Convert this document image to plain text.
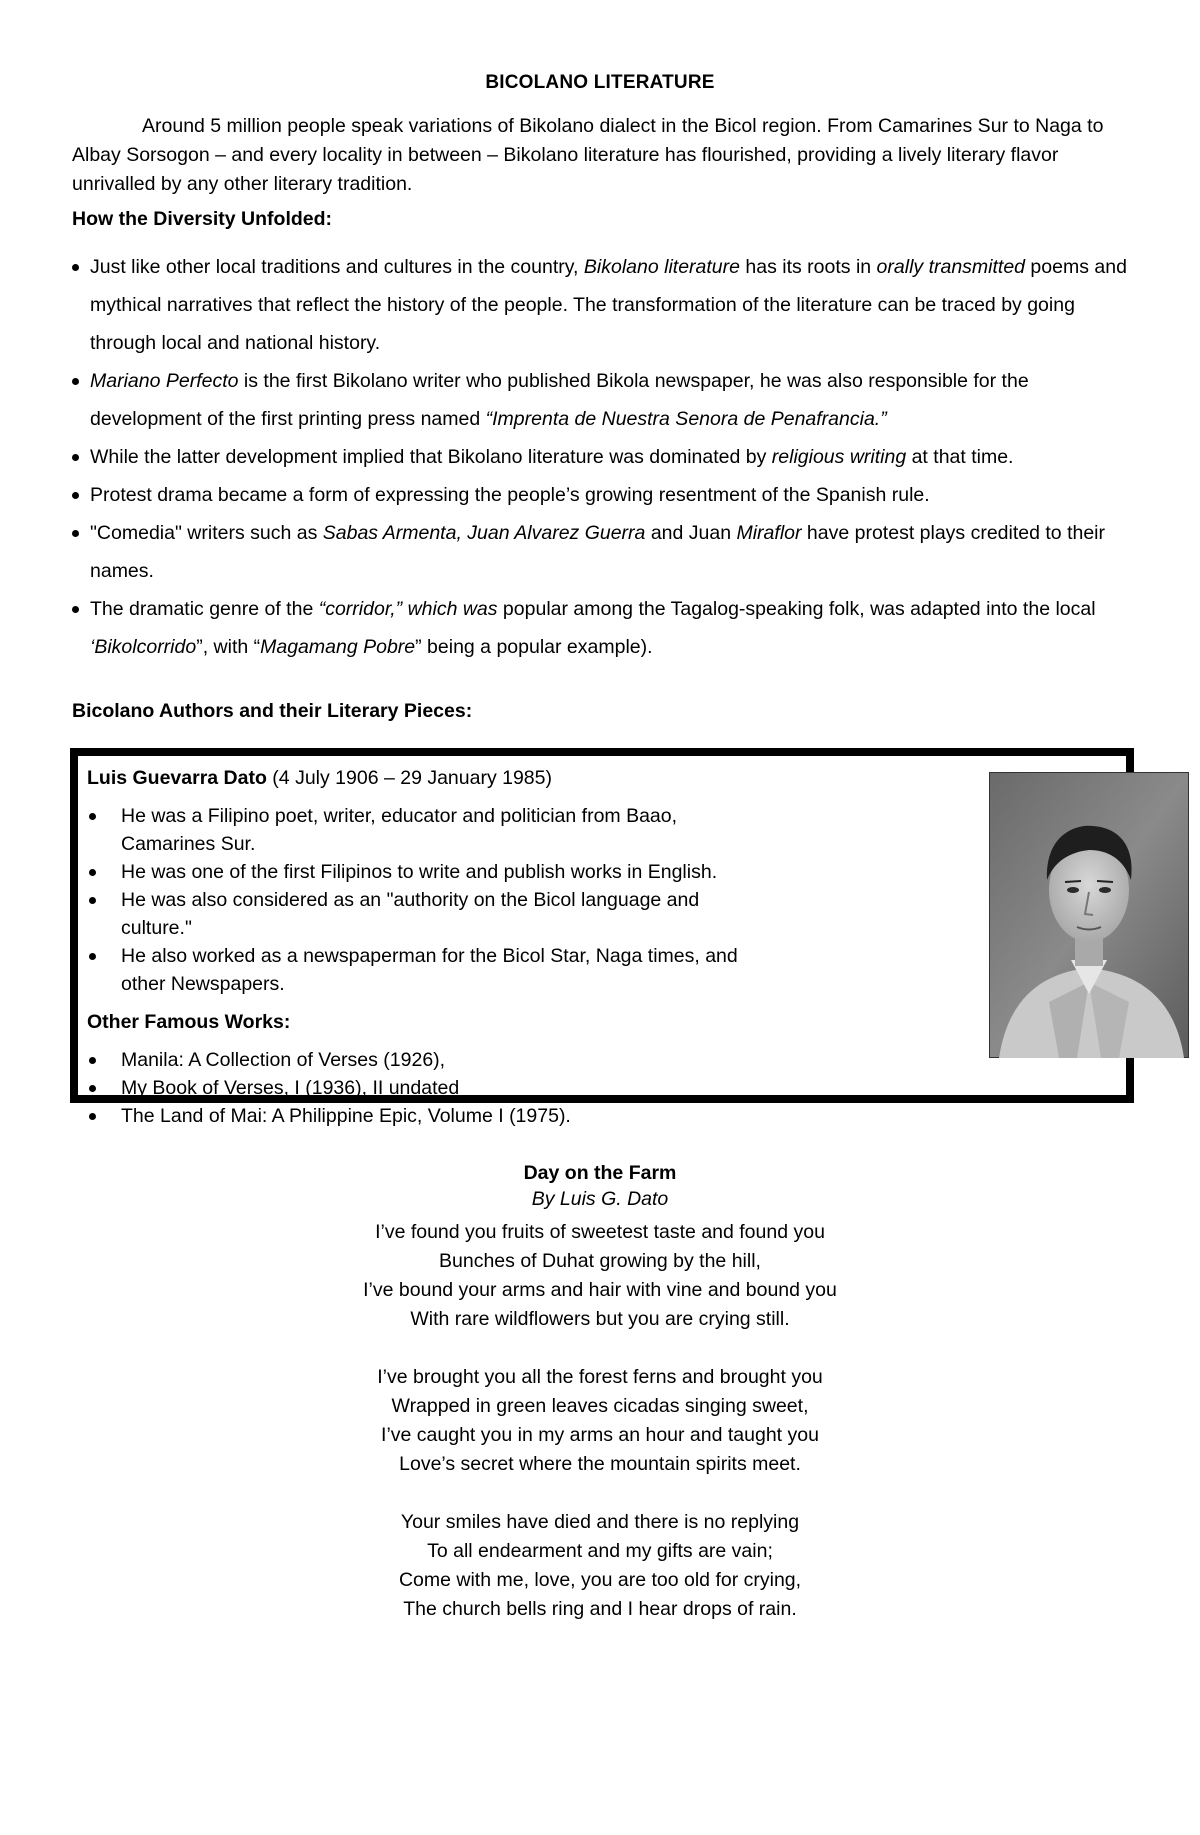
BICOLANO LITERATURE
Around 5 million people speak variations of Bikolano dialect in the Bicol region. From Camarines Sur to Naga to Albay Sorsogon – and every locality in between – Bikolano literature has flourished, providing a lively literary flavor unrivalled by any other literary tradition.
How the Diversity Unfolded:
Just like other local traditions and cultures in the country, Bikolano literature has its roots in orally transmitted poems and mythical narratives that reflect the history of the people. The transformation of the literature can be traced by going through local and national history.
Mariano Perfecto is the first Bikolano writer who published Bikola newspaper, he was also responsible for the development of the first printing press named “Imprenta de Nuestra Senora de Penafrancia.”
While the latter development implied that Bikolano literature was dominated by religious writing at that time.
Protest drama became a form of expressing the people’s growing resentment of the Spanish rule.
"Comedia" writers such as Sabas Armenta, Juan Alvarez Guerra and Juan Miraflor have protest plays credited to their names.
The dramatic genre of the “corridor,” which was popular among the Tagalog-speaking folk, was adapted into the local ‘Bikolcorrido”, with “Magamang Pobre” being a popular example).
Bicolano Authors and their Literary Pieces:
Luis Guevarra Dato (4 July 1906 – 29 January 1985)
He was a Filipino poet, writer, educator and politician from Baao, Camarines Sur.
He was one of the first Filipinos to write and publish works in English.
He was also considered as an "authority on the Bicol language and culture."
He also worked as a newspaperman for the Bicol Star, Naga times, and other Newspapers.
Other Famous Works:
Manila: A Collection of Verses (1926),
My Book of Verses, I (1936), II undated
The Land of Mai: A Philippine Epic, Volume I (1975).
Day on the Farm
By Luis G. Dato
I’ve found you fruits of sweetest taste and found you
Bunches of Duhat growing by the hill,
I’ve bound your arms and hair with vine and bound you
With rare wildflowers but you are crying still.
I’ve brought you all the forest ferns and brought you
Wrapped in green leaves cicadas singing sweet,
I’ve caught you in my arms an hour and taught you
Love’s secret where the mountain spirits meet.
Your smiles have died and there is no replying
To all endearment and my gifts are vain;
Come with me, love, you are too old for crying,
The church bells ring and I hear drops of rain.
